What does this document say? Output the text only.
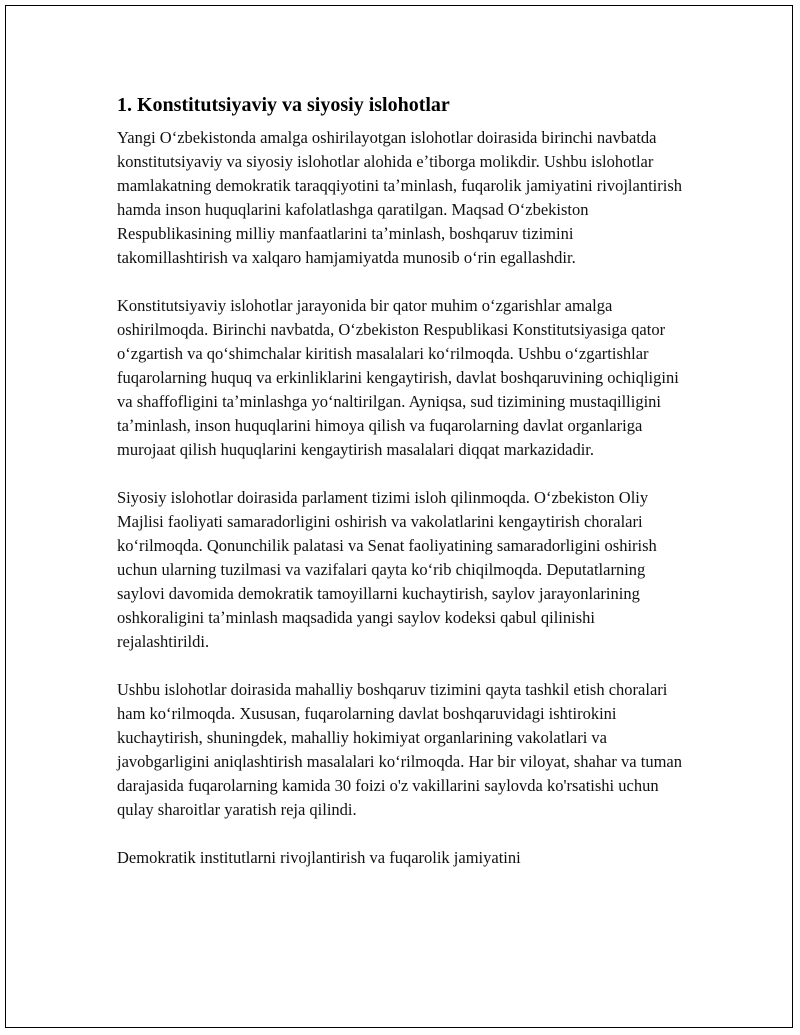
1. Konstitutsiyaviy va siyosiy islohotlar

Yangi Oʻzbekistonda amalga oshirilayotgan islohotlar doirasida birinchi navbatda konstitutsiyaviy va siyosiy islohotlar alohida eʼtiborga molikdir. Ushbu islohotlar mamlakatning demokratik taraqqiyotini taʼminlash, fuqarolik jamiyatini rivojlantirish hamda inson huquqlarini kafolatlashga qaratilgan. Maqsad Oʻzbekiston Respublikasining milliy manfaatlarini taʼminlash, boshqaruv tizimini takomillashtirish va xalqaro hamjamiyatda munosib oʻrin egallashdir.

Konstitutsiyaviy islohotlar jarayonida bir qator muhim oʻzgarishlar amalga oshirilmoqda. Birinchi navbatda, Oʻzbekiston Respublikasi Konstitutsiyasiga qator oʻzgartish va qoʻshimchalar kiritish masalalari koʻrilmoqda. Ushbu oʻzgartishlar fuqarolarning huquq va erkinliklarini kengaytirish, davlat boshqaruvining ochiqligini va shaffofligini taʼminlashga yoʻnaltirilgan. Ayniqsa, sud tizimining mustaqilligini taʼminlash, inson huquqlarini himoya qilish va fuqarolarning davlat organlariga murojaat qilish huquqlarini kengaytirish masalalari diqqat markazidadir.

Siyosiy islohotlar doirasida parlament tizimi isloh qilinmoqda. Oʻzbekiston Oliy Majlisi faoliyati samaradorligini oshirish va vakolatlarini kengaytirish choralari koʻrilmoqda. Qonunchilik palatasi va Senat faoliyatining samaradorligini oshirish uchun ularning tuzilmasi va vazifalari qayta koʻrib chiqilmoqda. Deputatlarning saylovi davomida demokratik tamoyillarni kuchaytirish, saylov jarayonlarining oshkoraligini taʼminlash maqsadida yangi saylov kodeksi qabul qilinishi rejalashtirildi.

Ushbu islohotlar doirasida mahalliy boshqaruv tizimini qayta tashkil etish choralari ham koʻrilmoqda. Xususan, fuqarolarning davlat boshqaruvidagi ishtirokini kuchaytirish, shuningdek, mahalliy hokimiyat organlarining vakolatlari va javobgarligini aniqlashtirish masalalari koʻrilmoqda. Har bir viloyat, shahar va tuman darajasida fuqarolarning kamida 30 foizi o'z vakillarini saylovda ko'rsatishi uchun qulay sharoitlar yaratish reja qilindi.

Demokratik institutlarni rivojlantirish va fuqarolik jamiyatini
